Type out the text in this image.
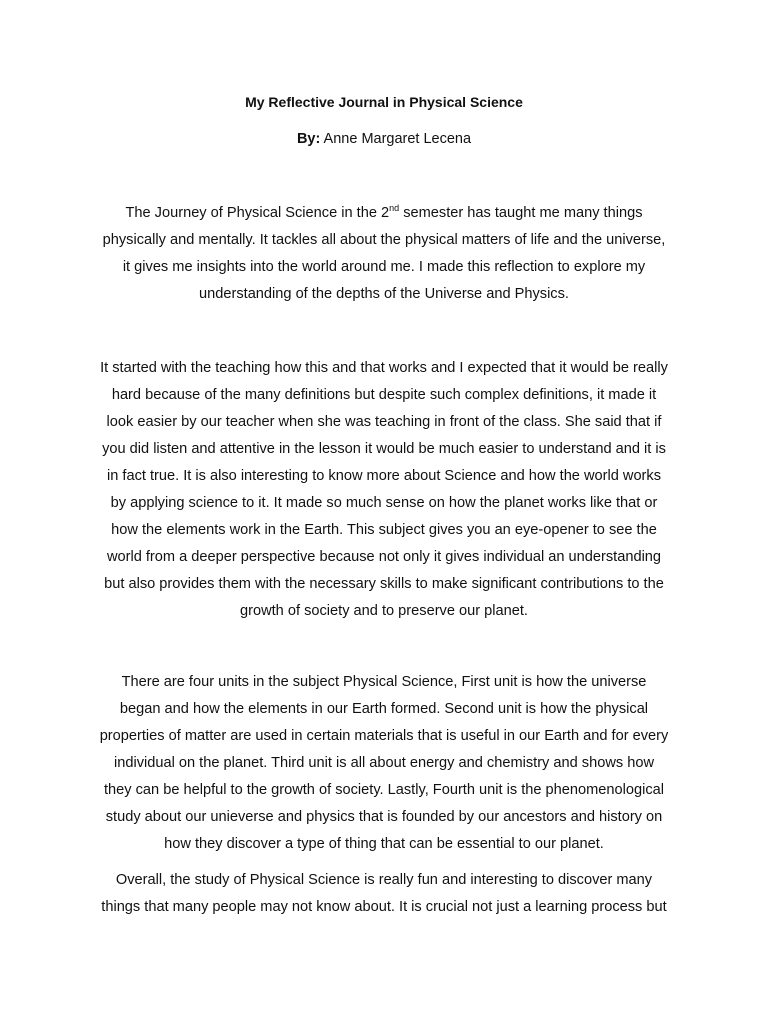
My Reflective Journal in Physical Science

By: Anne Margaret Lecena

The Journey of Physical Science in the 2nd semester has taught me many things
physically and mentally. It tackles all about the physical matters of life and the universe,
it gives me insights into the world around me. I made this reflection to explore my
understanding of the depths of the Universe and Physics.

It started with the teaching how this and that works and I expected that it would be really
hard because of the many definitions but despite such complex definitions, it made it
look easier by our teacher when she was teaching in front of the class. She said that if
you did listen and attentive in the lesson it would be much easier to understand and it is
in fact true. It is also interesting to know more about Science and how the world works
by applying science to it. It made so much sense on how the planet works like that or
how the elements work in the Earth. This subject gives you an eye-opener to see the
world from a deeper perspective because not only it gives individual an understanding
but also provides them with the necessary skills to make significant contributions to the
growth of society and to preserve our planet.

There are four units in the subject Physical Science, First unit is how the universe
began and how the elements in our Earth formed. Second unit is how the physical
properties of matter are used in certain materials that is useful in our Earth and for every
individual on the planet. Third unit is all about energy and chemistry and shows how
they can be helpful to the growth of society. Lastly, Fourth unit is the phenomenological
study about our unieverse and physics that is founded by our ancestors and history on
how they discover a type of thing that can be essential to our planet.

Overall, the study of Physical Science is really fun and interesting to discover many
things that many people may not know about. It is crucial not just a learning process but
